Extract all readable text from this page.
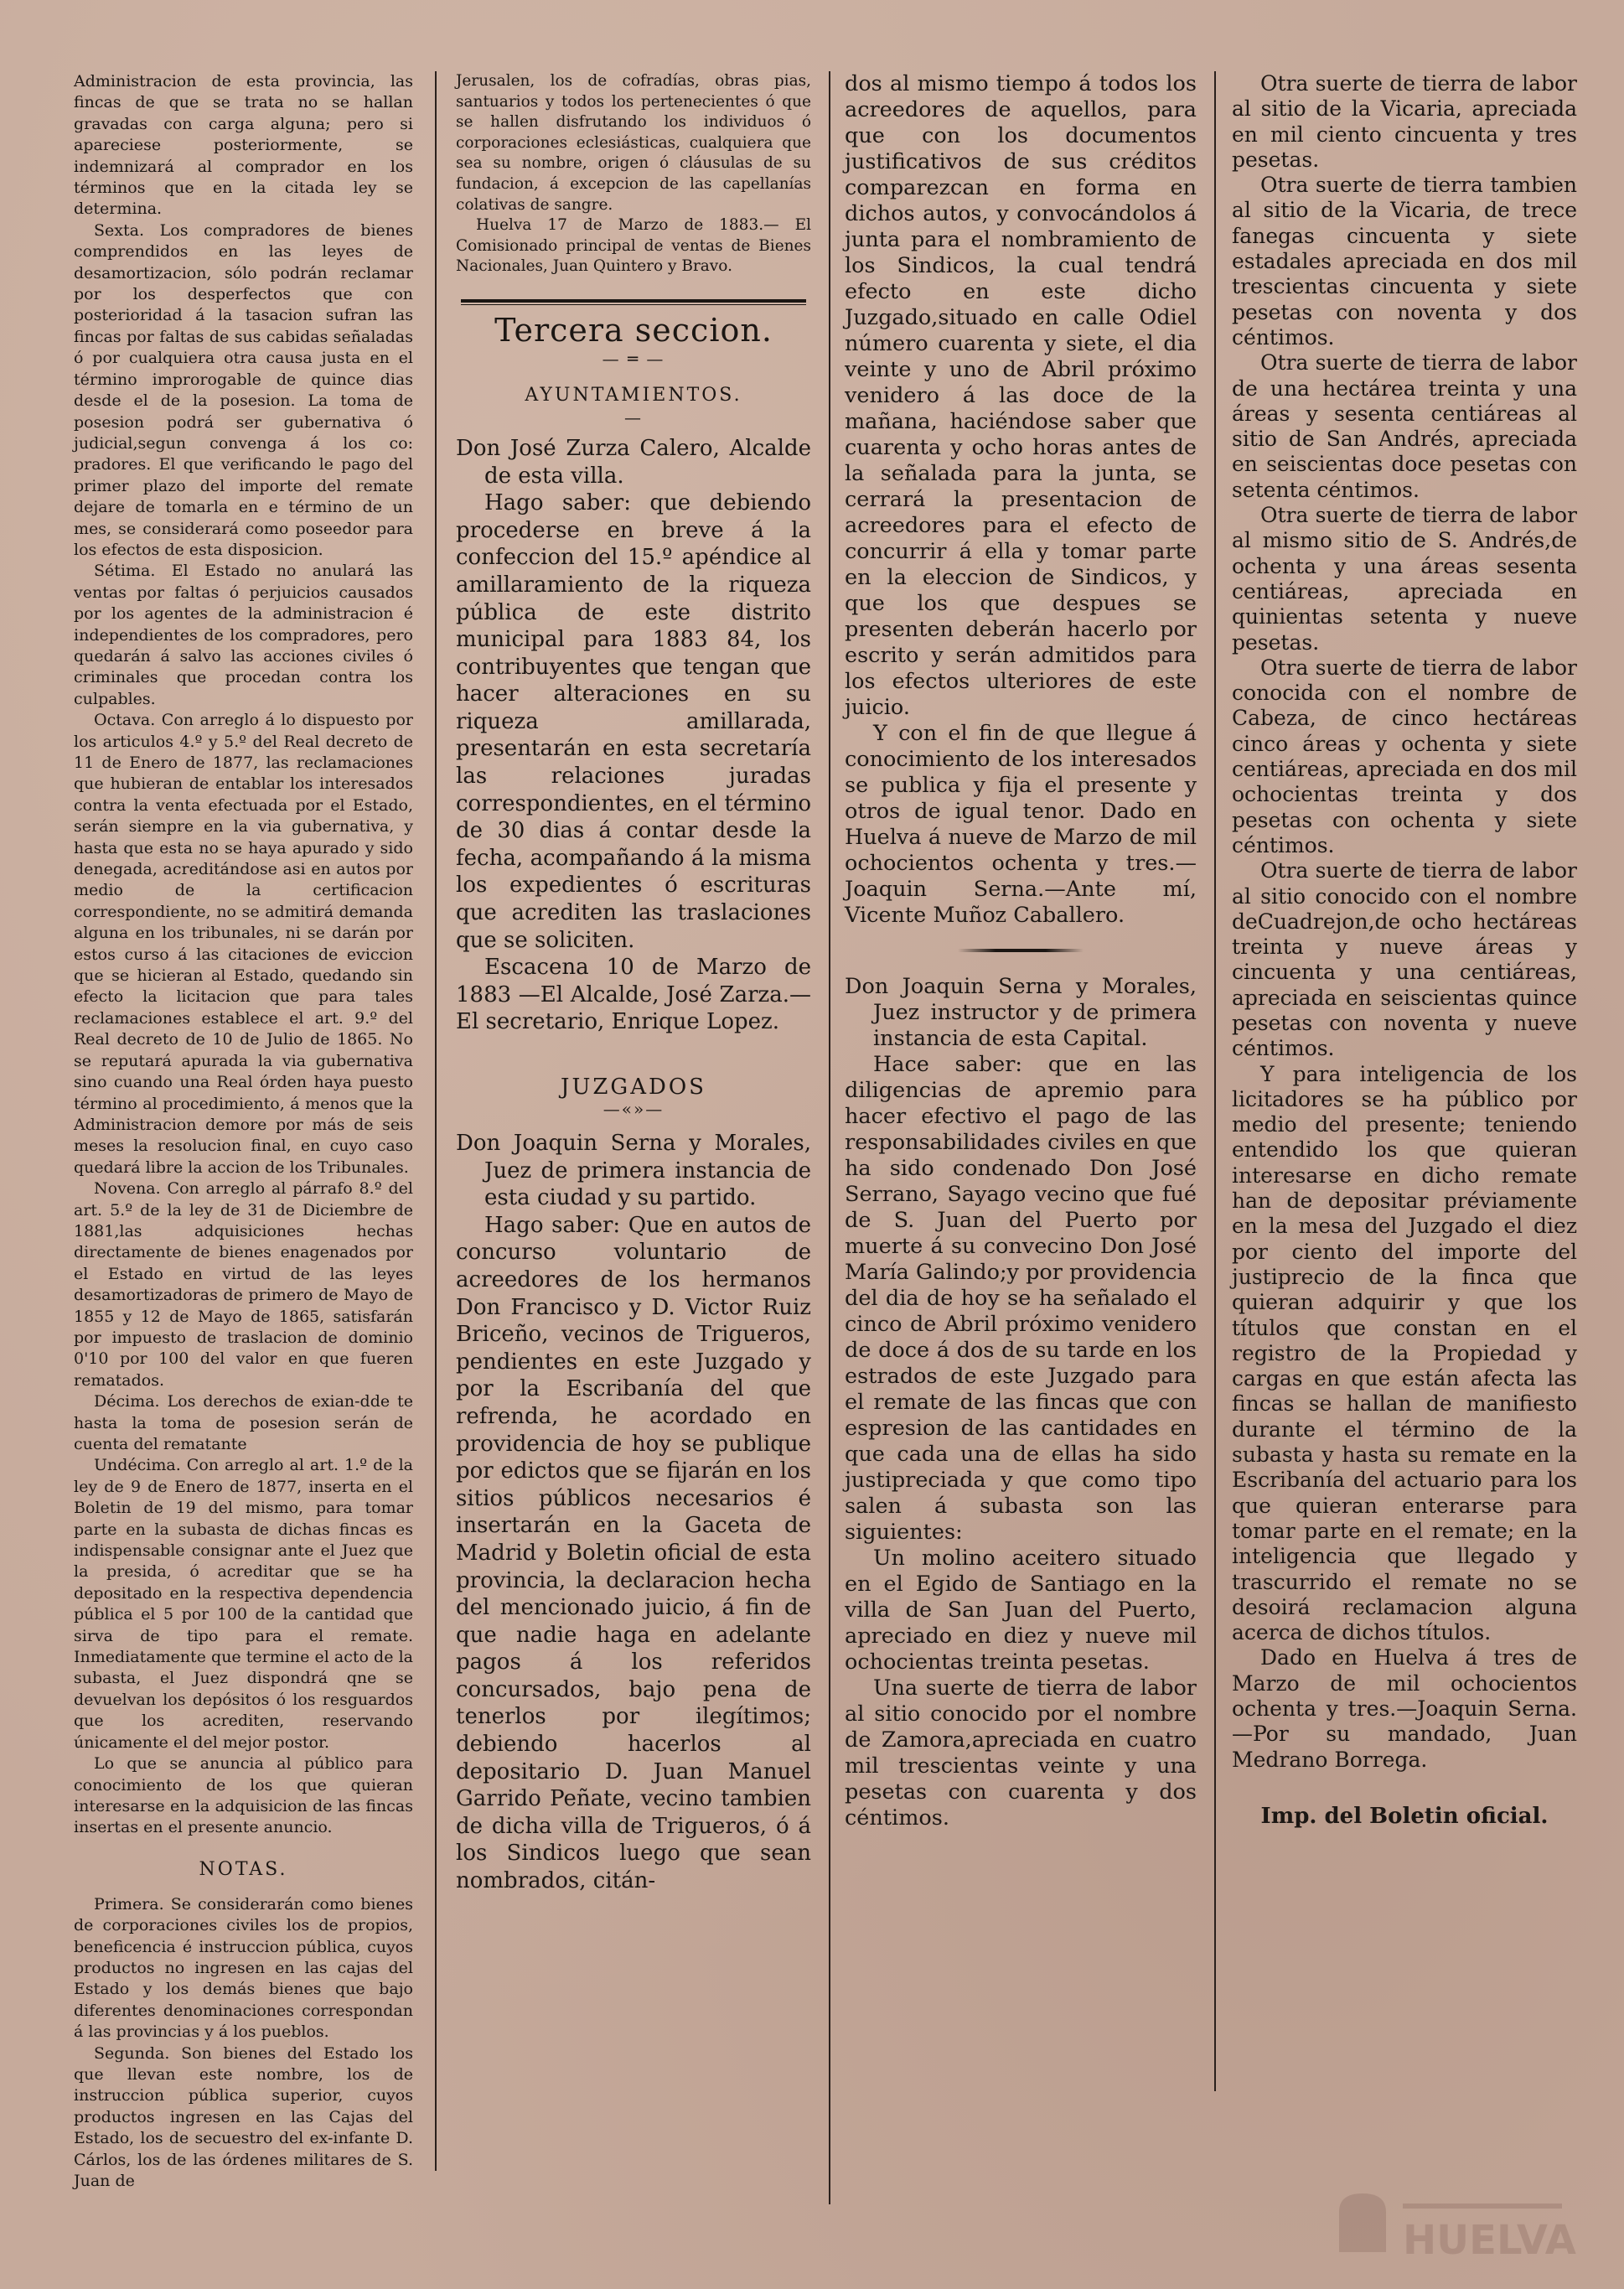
Administracion de esta provincia, las fincas de que se trata no se hallan gravadas con carga alguna; pero si apareciese posteriormente, se indemnizará al comprador en los términos que en la citada ley se determina.

Sexta. Los compradores de bienes comprendidos en las leyes de desamortizacion, sólo podrán reclamar por los desperfectos que con posterioridad á la tasacion sufran las fincas por faltas de sus cabidas señaladas ó por cualquiera otra causa justa en el término improrogable de quince dias desde el de la posesion. La toma de posesion podrá ser gubernativa ó judicial,segun convenga á los co: pradores. El que verificando le pago del primer plazo del importe del remate dejare de tomarla en e término de un mes, se considerará como poseedor para los efectos de esta disposicion.

Sétima. El Estado no anulará las ventas por faltas ó perjuicios causados por los agentes de la administracion é independientes de los compradores, pero quedarán á salvo las acciones civiles ó criminales que procedan contra los culpables.

Octava. Con arreglo á lo dispuesto por los articulos 4.º y 5.º del Real decreto de 11 de Enero de 1877, las reclamaciones que hubieran de entablar los interesados contra la venta efectuada por el Estado, serán siempre en la via gubernativa, y hasta que esta no se haya apurado y sido denegada, acreditándose asi en autos por medio de la certificacion correspondiente, no se admitirá demanda alguna en los tribunales, ni se darán por estos curso á las citaciones de eviccion que se hicieran al Estado, quedando sin efecto la licitacion que para tales reclamaciones establece el art. 9.º del Real decreto de 10 de Julio de 1865. No se reputará apurada la via gubernativa sino cuando una Real órden haya puesto término al procedimiento, á menos que la Administracion demore por más de seis meses la resolucion final, en cuyo caso quedará libre la accion de los Tribunales.

Novena. Con arreglo al párrafo 8.º del art. 5.º de la ley de 31 de Diciembre de 1881,las adquisiciones hechas directamente de bienes enagenados por el Estado en virtud de las leyes desamortizadoras de primero de Mayo de 1855 y 12 de Mayo de 1865, satisfarán por impuesto de traslacion de dominio 0'10 por 100 del valor en que fueren rematados.

Décima. Los derechos de exian-dde te hasta la toma de posesion serán de cuenta del rematante

Undécima. Con arreglo al art. 1.º de la ley de 9 de Enero de 1877, inserta en el Boletin de 19 del mismo, para tomar parte en la subasta de dichas fincas es indispensable consignar ante el Juez que la presida, ó acreditar que se ha depositado en la respectiva dependencia pública el 5 por 100 de la cantidad que sirva de tipo para el remate. Inmediatamente que termine el acto de la subasta, el Juez dispondrá qne se devuelvan los depósitos ó los resguardos que los acrediten, reservando únicamente el del mejor postor.

Lo que se anuncia al público para conocimiento de los que quieran interesarse en la adquisicion de las fincas insertas en el presente anuncio.

NOTAS.

Primera. Se considerarán como bienes de corporaciones civiles los de propios, beneficencia é instruccion pública, cuyos productos no ingresen en las cajas del Estado y los demás bienes que bajo diferentes denominaciones correspondan á las provincias y á los pueblos.

Segunda. Son bienes del Estado los que llevan este nombre, los de instruccion pública superior, cuyos productos ingresen en las Cajas del Estado, los de secuestro del ex-infante D. Cárlos, los de las órdenes militares de S. Juan de

Jerusalen, los de cofradías, obras pias, santuarios y todos los pertenecientes ó que se hallen disfrutando los individuos ó corporaciones eclesiásticas, cualquiera que sea su nombre, origen ó cláusulas de su fundacion, á excepcion de las capellanías colativas de sangre.

Huelva 17 de Marzo de 1883.— El Comisionado principal de ventas de Bienes Nacionales, Juan Quintero y Bravo.

Tercera seccion.
— ═ —
AYUNTAMIENTOS.
—

Don José Zurza Calero, Alcalde de esta villa.

Hago saber: que debiendo procederse en breve á la confeccion del 15.º apéndice al amillaramiento de la riqueza pública de este distrito municipal para 1883 84, los contribuyentes que tengan que hacer alteraciones en su riqueza amillarada, presentarán en esta secretaría las relaciones juradas correspondientes, en el término de 30 dias á contar desde la fecha, acompañando á la misma los expedientes ó escrituras que acrediten las traslaciones que se soliciten.

Escacena 10 de Marzo de 1883 —El Alcalde, José Zarza.—El secretario, Enrique Lopez.

JUZGADOS
—«»—

Don Joaquin Serna y Morales, Juez de primera instancia de esta ciudad y su partido.

Hago saber: Que en autos de concurso voluntario de acreedores de los hermanos Don Francisco y D. Victor Ruiz Briceño, vecinos de Trigueros, pendientes en este Juzgado y por la Escribanía del que refrenda, he acordado en providencia de hoy se publique por edictos que se fijarán en los sitios públicos necesarios é insertarán en la Gaceta de Madrid y Boletin oficial de esta provincia, la declaracion hecha del mencionado juicio, á fin de que nadie haga en adelante pagos á los referidos concursados, bajo pena de tenerlos por ilegítimos; debiendo hacerlos al depositario D. Juan Manuel Garrido Peñate, vecino tambien de dicha villa de Trigueros, ó á los Sindicos luego que sean nombrados, citán-

dos al mismo tiempo á todos los acreedores de aquellos, para que con los documentos justificativos de sus créditos comparezcan en forma en dichos autos, y convocándolos á junta para el nombramiento de los Sindicos, la cual tendrá efecto en este dicho Juzgado,situado en calle Odiel número cuarenta y siete, el dia veinte y uno de Abril próximo venidero á las doce de la mañana, haciéndose saber que cuarenta y ocho horas antes de la señalada para la junta, se cerrará la presentacion de acreedores para el efecto de concurrir á ella y tomar parte en la eleccion de Sindicos, y que los que despues se presenten deberán hacerlo por escrito y serán admitidos para los efectos ulteriores de este juicio.

Y con el fin de que llegue á conocimiento de los interesados se publica y fija el presente y otros de igual tenor. Dado en Huelva á nueve de Marzo de mil ochocientos ochenta y tres.—Joaquin Serna.—Ante mí, Vicente Muñoz Caballero.

Don Joaquin Serna y Morales, Juez instructor y de primera instancia de esta Capital.

Hace saber: que en las diligencias de apremio para hacer efectivo el pago de las responsabilidades civiles en que ha sido condenado Don José Serrano, Sayago vecino que fué de S. Juan del Puerto por muerte á su convecino Don José María Galindo;y por providencia del dia de hoy se ha señalado el cinco de Abril próximo venidero de doce á dos de su tarde en los estrados de este Juzgado para el remate de las fincas que con espresion de las cantidades en que cada una de ellas ha sido justipreciada y que como tipo salen á subasta son las siguientes:

Un molino aceitero situado en el Egido de Santiago en la villa de San Juan del Puerto, apreciado en diez y nueve mil ochocientas treinta pesetas.

Una suerte de tierra de labor al sitio conocido por el nombre de Zamora,apreciada en cuatro mil trescientas veinte y una pesetas con cuarenta y dos céntimos.

Otra suerte de tierra de labor al sitio de la Vicaria, apreciada en mil ciento cincuenta y tres pesetas.

Otra suerte de tierra tambien al sitio de la Vicaria, de trece fanegas cincuenta y siete estadales apreciada en dos mil trescientas cincuenta y siete pesetas con noventa y dos céntimos.

Otra suerte de tierra de labor de una hectárea treinta y una áreas y sesenta centiáreas al sitio de San Andrés, apreciada en seiscientas doce pesetas con setenta céntimos.

Otra suerte de tierra de labor al mismo sitio de S. Andrés,de ochenta y una áreas sesenta centiáreas, apreciada en quinientas setenta y nueve pesetas.

Otra suerte de tierra de labor conocida con el nombre de Cabeza, de cinco hectáreas cinco áreas y ochenta y siete centiáreas, apreciada en dos mil ochocientas treinta y dos pesetas con ochenta y siete céntimos.

Otra suerte de tierra de labor al sitio conocido con el nombre deCuadrejon,de ocho hectáreas treinta y nueve áreas y cincuenta y una centiáreas, apreciada en seiscientas quince pesetas con noventa y nueve céntimos.

Y para inteligencia de los licitadores se ha público por medio del presente; teniendo entendido los que quieran interesarse en dicho remate han de depositar préviamente en la mesa del Juzgado el diez por ciento del importe del justiprecio de la finca que quieran adquirir y que los títulos que constan en el registro de la Propiedad y cargas en que están afecta las fincas se hallan de manifiesto durante el término de la subasta y hasta su remate en la Escribanía del actuario para los que quieran enterarse para tomar parte en el remate; en la inteligencia que llegado y trascurrido el remate no se desoirá reclamacion alguna acerca de dichos títulos.

Dado en Huelva á tres de Marzo de mil ochocientos ochenta y tres.—Joaquin Serna.—Por su mandado, Juan Medrano Borrega.

Imp. del Boletin oficial.
HUELVA
